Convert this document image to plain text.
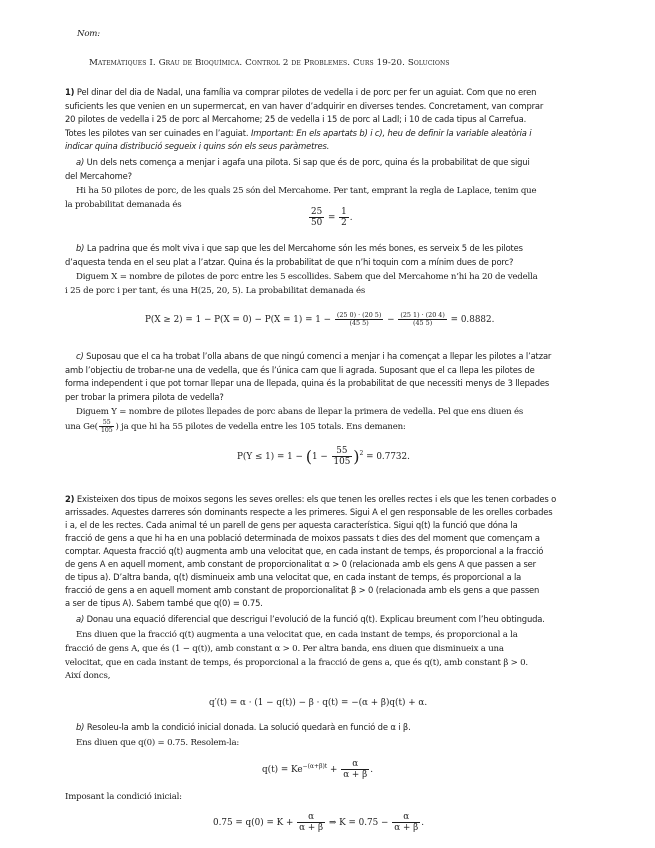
Nom:
Matemàtiques I. Grau de Bioquímica. Control 2 de Problemes. Curs 19-20. Solucions
1) Pel dinar del dia de Nadal, una família va comprar pilotes de vedella i de porc per fer un aguiat. Com que no eren
suficients les que venien en un supermercat, en van haver d’adquirir en diverses tendes. Concretament, van comprar
20 pilotes de vedella i 25 de porc al Mercahome; 25 de vedella i 15 de porc al Ladl; i 10 de cada tipus al Carrefua.
Totes les pilotes van ser cuinades en l’aguiat. Important: En els apartats b) i c), heu de definir la variable aleatòria i
indicar quina distribució segueix i quins són els seus paràmetres.
a) Un dels nets comença a menjar i agafa una pilota. Si sap que és de porc, quina és la probabilitat de que sigui
del Mercahome?
Hi ha 50 pilotes de porc, de les quals 25 són del Mercahome. Per tant, emprant la regla de Laplace, tenim que
la probabilitat demanada és
$\frac{25}{50} = \frac{1}{2}$ .
b) La padrina que és molt viva i que sap que les del Mercahome són les més bones, es serveix 5 de les pilotes
d’aquesta tenda en el seu plat a l’atzar. Quina és la probabilitat de que n’hi toquin com a mínim dues de porc?
Diguem X = nombre de pilotes de porc entre les 5 escollides. Sabem que del Mercahome n’hi ha 20 de vedella
i 25 de porc i per tant, és una H(25, 20, 5). La probabilitat demanada és
$P(X \ge 2) = 1 - P(X = 0) - P(X = 1) = 1 - \frac{(25 0) \cdot (20 5)}{(45 5)} - \frac{(25 1) \cdot (20 4)}{(45 5)} = 0.8882$.
c) Suposau que el ca ha trobat l’olla abans de que ningú comenci a menjar i ha començat a llepar les pilotes a l’atzar
amb l’objectiu de trobar-ne una de vedella, que és l’única cam que li agrada. Suposant que el ca llepa les pilotes de
forma independent i que pot tornar llepar una de llepada, quina és la probabilitat de que necessiti menys de 3 llepades
per trobar la primera pilota de vedella?
Diguem Y = nombre de pilotes llepades de porc abans de llepar la primera de vedella. Pel que ens diuen és
una $Ge( \frac{55}{105}$ ) ja que hi ha 55 pilotes de vedella entre les 105 totals. Ens demanen:
$P(Y \le 1) = 1 - (1 - \frac{55}{105} )^2 = 0.7732$.
2) Existeixen dos tipus de moixos segons les seves orelles: els que tenen les orelles rectes i els que les tenen corbades o
arrissades. Aquestes darreres són dominants respecte a les primeres. Sigui A el gen responsable de les orelles corbades
i a, el de les rectes. Cada animal té un parell de gens per aquesta característica. Sigui q(t) la funció que dóna la
fracció de gens a que hi ha en una població determinada de moixos passats t dies des del moment que començam a
comptar. Aquesta fracció q(t) augmenta amb una velocitat que, en cada instant de temps, és proporcional a la fracció
de gens A en aquell moment, amb constant de proporcionalitat α > 0 (relacionada amb els gens A que passen a ser
de tipus a). D’altra banda, q(t) disminueix amb una velocitat que, en cada instant de temps, és proporcional a la
fracció de gens a en aquell moment amb constant de proporcionalitat β > 0 (relacionada amb els gens a que passen
a ser de tipus A). Sabem també que q(0) = 0.75.
a) Donau una equació diferencial que descrigui l’evolució de la funció q(t). Explicau breument com l’heu obtinguda.
Ens diuen que la fracció q(t) augmenta a una velocitat que, en cada instant de temps, és proporcional a la
fracció de gens A, que és (1 − q(t)), amb constant α > 0. Per altra banda, ens diuen que disminueix a una
velocitat, que en cada instant de temps, és proporcional a la fracció de gens a, que és q(t), amb constant β > 0.
Així doncs,
q′(t) = α · (1 − q(t)) − β · q(t) = −(α + β)q(t) + α.
b) Resoleu-la amb la condició inicial donada. La solució quedarà en funció de α i β.
Ens diuen que q(0) = 0.75. Resolem-la:
$q(t) = Ke^{-(\alpha+\beta)t} + \frac{\alpha}{\alpha + \beta}$ .
Imposant la condició inicial:
$0.75 = q(0) = K + \frac{\alpha}{\alpha + \beta}$ ⇒ $K = 0.75 - \frac{\alpha}{\alpha + \beta}$ .
